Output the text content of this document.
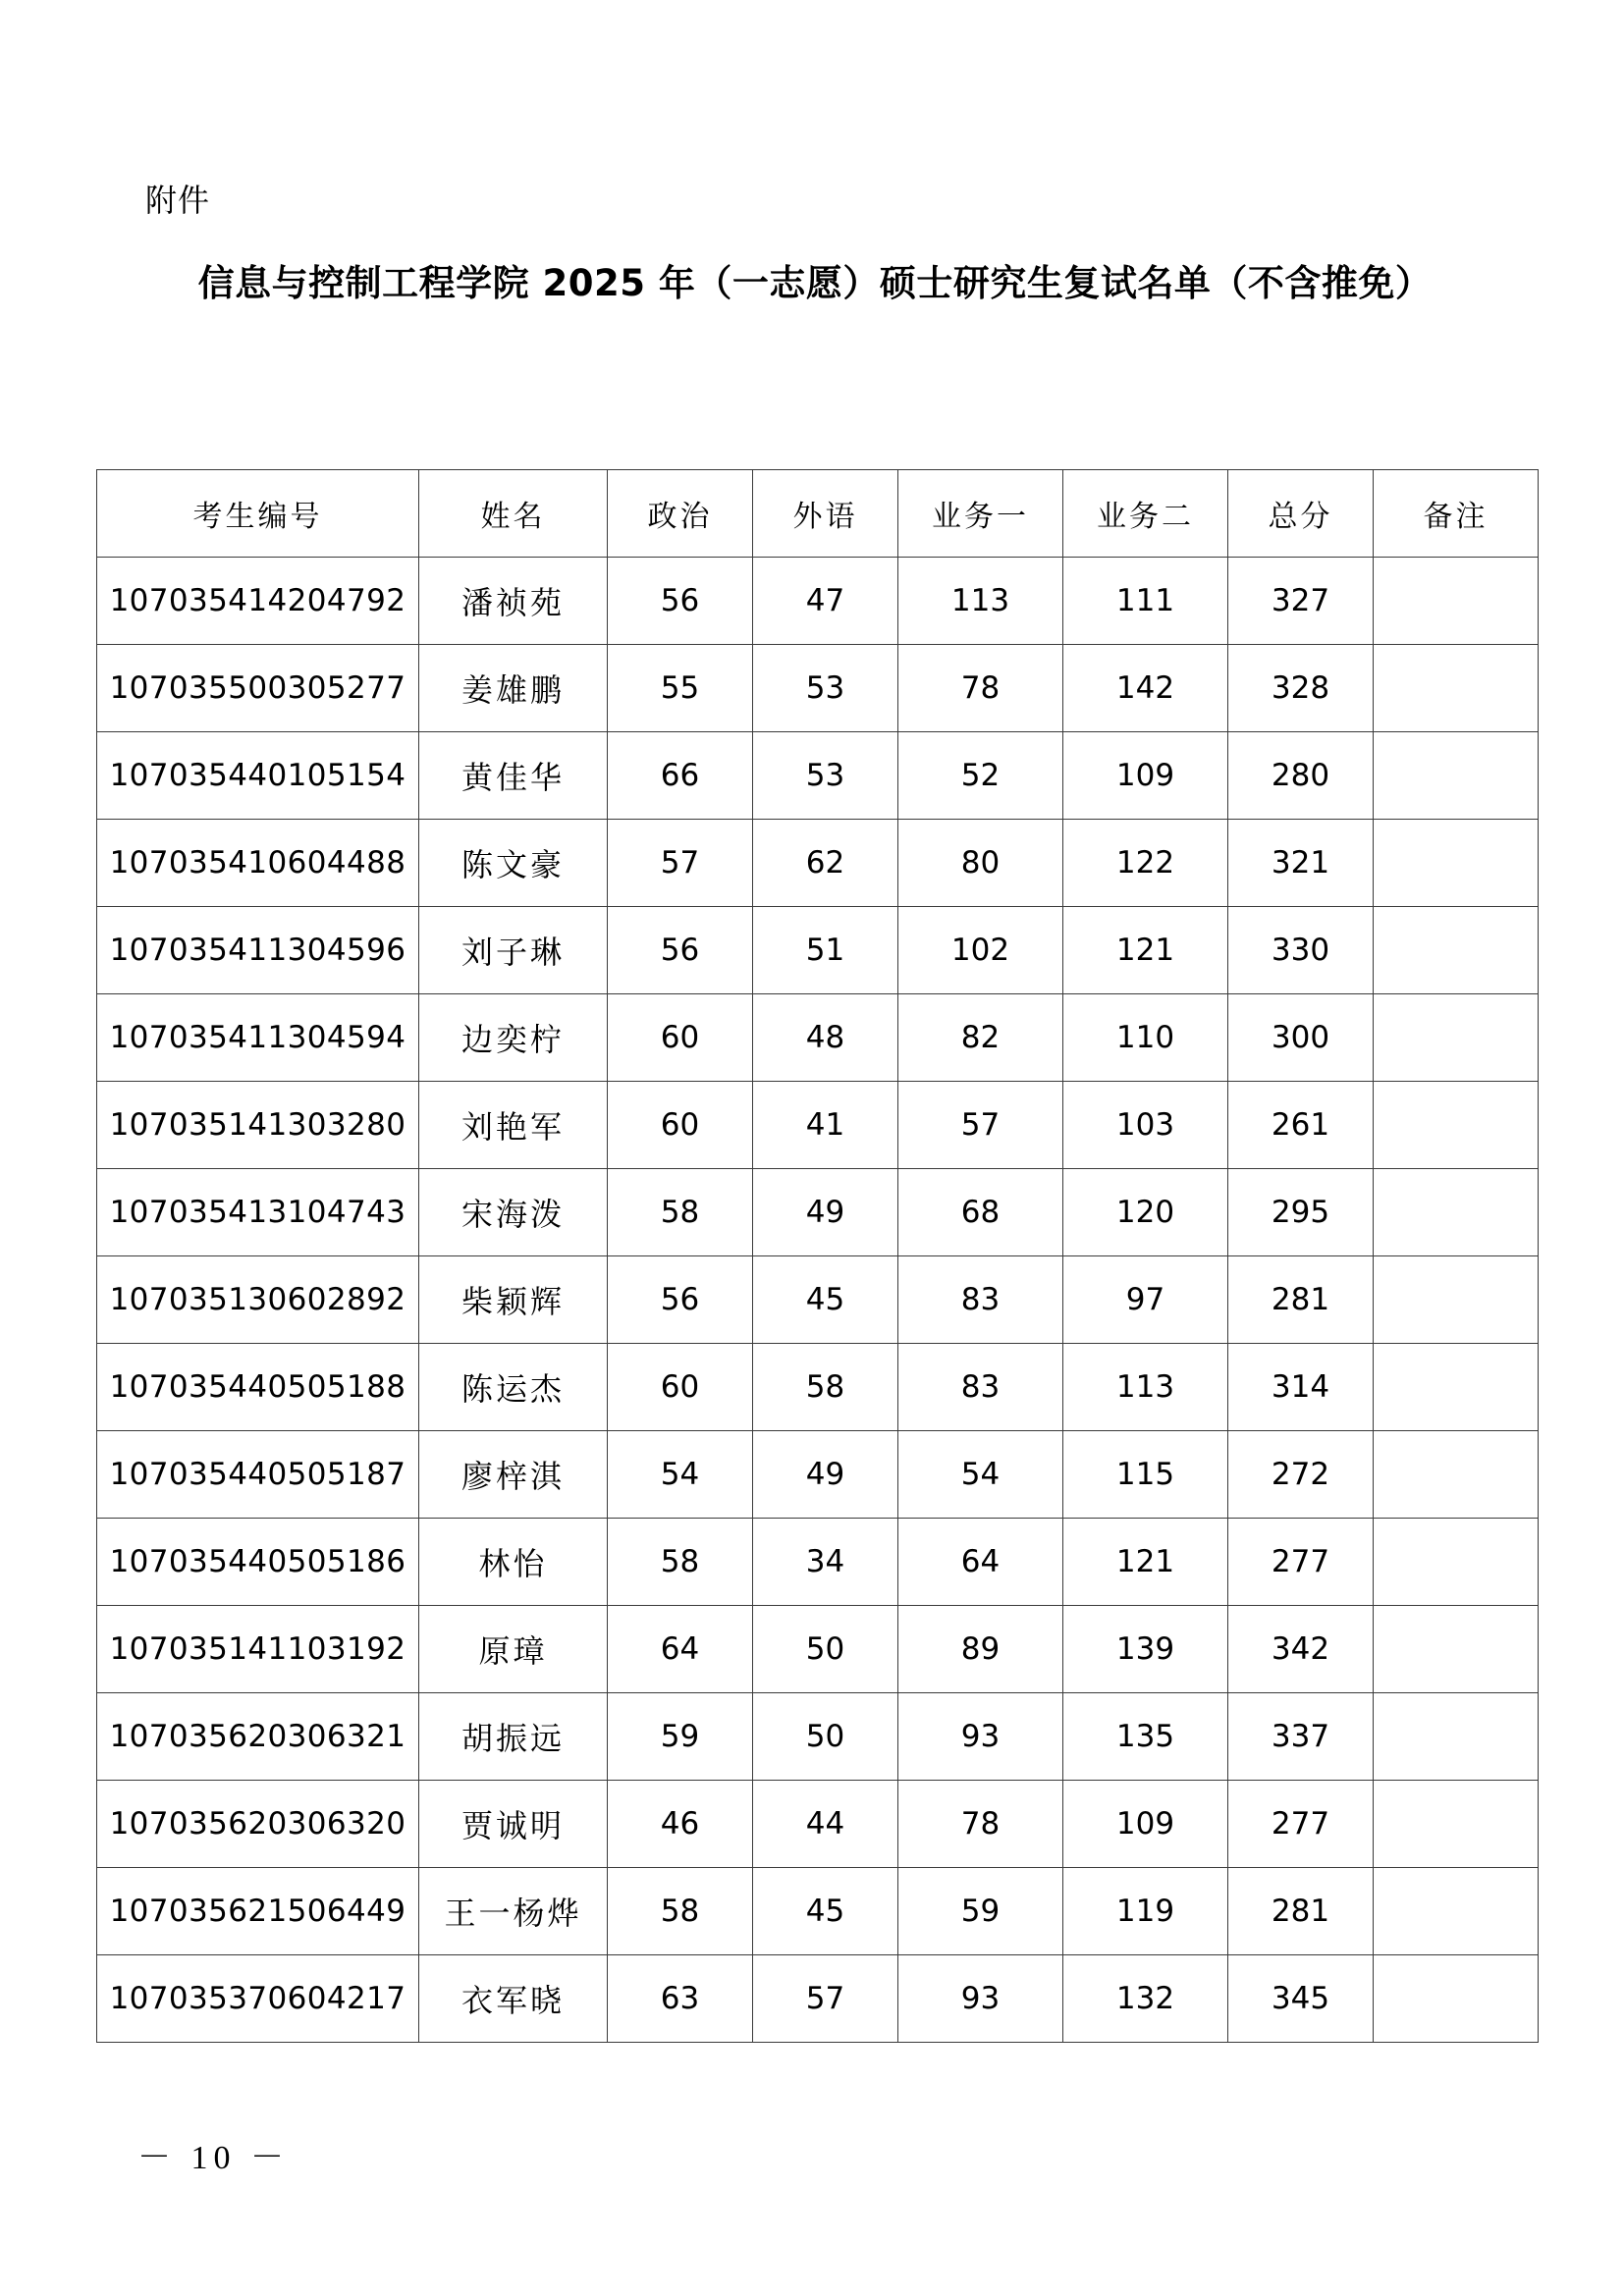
附件
信息与控制工程学院 2025 年（一志愿）硕士研究生复试名单（不含推免）
考生编号	姓名	政治	外语	业务一	业务二	总分	备注
107035414204792	潘祯苑	56	47	113	111	327	
107035500305277	姜雄鹏	55	53	78	142	328	
107035440105154	黄佳华	66	53	52	109	280	
107035410604488	陈文豪	57	62	80	122	321	
107035411304596	刘子琳	56	51	102	121	330	
107035411304594	边奕柠	60	48	82	110	300	
107035141303280	刘艳军	60	41	57	103	261	
107035413104743	宋海泼	58	49	68	120	295	
107035130602892	柴颖辉	56	45	83	97	281	
107035440505188	陈运杰	60	58	83	113	314	
107035440505187	廖梓淇	54	49	54	115	272	
107035440505186	林怡	58	34	64	121	277	
107035141103192	原璋	64	50	89	139	342	
107035620306321	胡振远	59	50	93	135	337	
107035620306320	贾诚明	46	44	78	109	277	
107035621506449	王一杨烨	58	45	59	119	281	
107035370604217	衣军晓	63	57	93	132	345	
－ 10 －
